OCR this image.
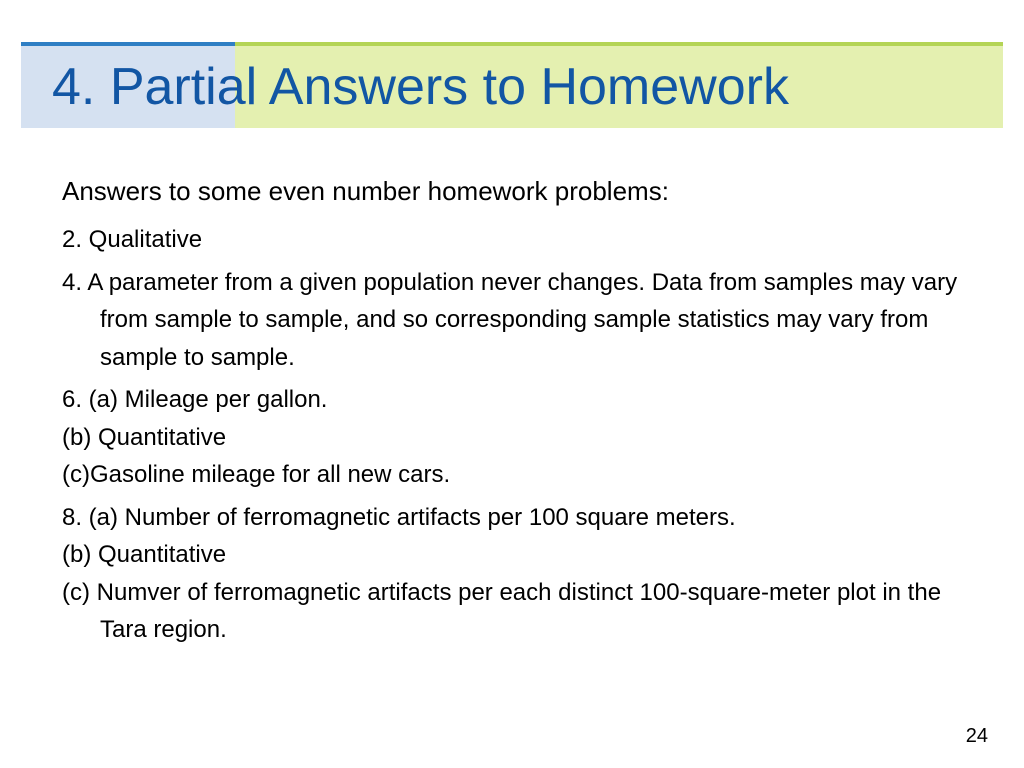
4. Partial Answers to Homework

Answers to some even number homework problems:

2. Qualitative
4. A parameter from a given population never changes. Data from samples may vary from sample to sample, and so corresponding sample statistics may vary from sample to sample.
6. (a) Mileage per gallon.
(b) Quantitative
(c)Gasoline mileage for all new cars.
8. (a) Number of ferromagnetic artifacts per 100 square meters.
(b) Quantitative
(c) Numver of ferromagnetic artifacts per each distinct 100-square-meter plot in the Tara region.
24
